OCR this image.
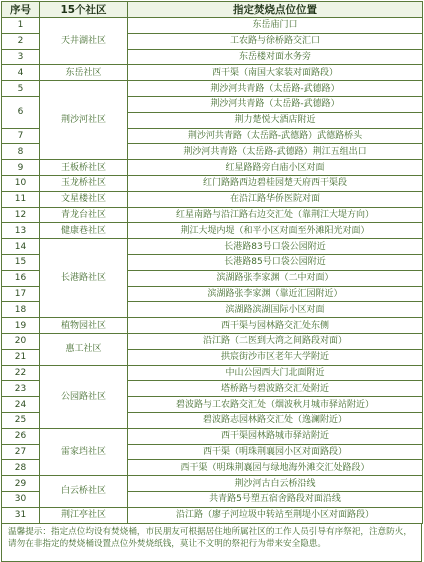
序号	15个社区	指定焚烧点位位置
1	天井湖社区	东岳庙门口
2		工农路与徐桥路交汇口
3		东岳楼对面水务旁
4	东岳社区	西干渠（南国大家装对面路段）
5	荆沙河社区	荆沙河共青路（太岳路-武德路）
6		荆沙河共青路（太岳路-武德路）
		荆力楚悦大酒店附近
7		荆沙河共青路（太岳路-武德路）武德路桥头
8		荆沙河共青路（太岳路-武德路）荆江五组出口
9	王板桥社区	红星路路旁白庙小区对面
10	玉龙桥社区	红门路路西边碧桂园楚天府西干渠段
11	文星楼社区	在沿江路华侨医院对面
12	青龙台社区	红星南路与沿江路右边交汇处（靠荆江大堤方向）
13	健康巷社区	荆江大堤内堤（和平小区对面至外滩阳光对面）
14	长港路社区	长港路83号口袋公园附近
15		长港路85号口袋公园附近
16		滨湖路张李家渊（二中对面）
17		滨湖路张李家渊（靠近汇园附近）
18		滨湖路滨湖国际小区对面
19	植物园社区	西干渠与园林路交汇处东侧
20	惠工社区	沿江路（二医到大湾之间路段对面）
21		拱宸街沙市区老年大学附近
22	公园路社区	中山公园西大门北面附近
23		塔桥路与碧波路交汇处附近
24		碧波路与工农路交汇处（烟波秋月城市驿站附近）
25		碧波路志园林路交汇处（逸澜附近）
26	雷家垱社区	西干渠园林路城市驿站附近
27		西干渠（明珠荆襄园小区对面路段）
28		西干渠（明珠荆襄园与绿地海外滩交汇处路段）
29	白云桥社区	荆沙河古白云桥沿线
30		共青路5号塑五宿舍路段对面沿线
31	荆江亭社区	沿江路（廖子河垃圾中转站至荆堤小区对面路段）
温馨提示：指定点位均设有焚烧桶，市民朋友可根据居住地所属社区的工作人员引导有序祭祀，注意防火，请勿在非指定的焚烧桶设置点位外焚烧纸钱，莫让不文明的祭祀行为带来安全隐患。
